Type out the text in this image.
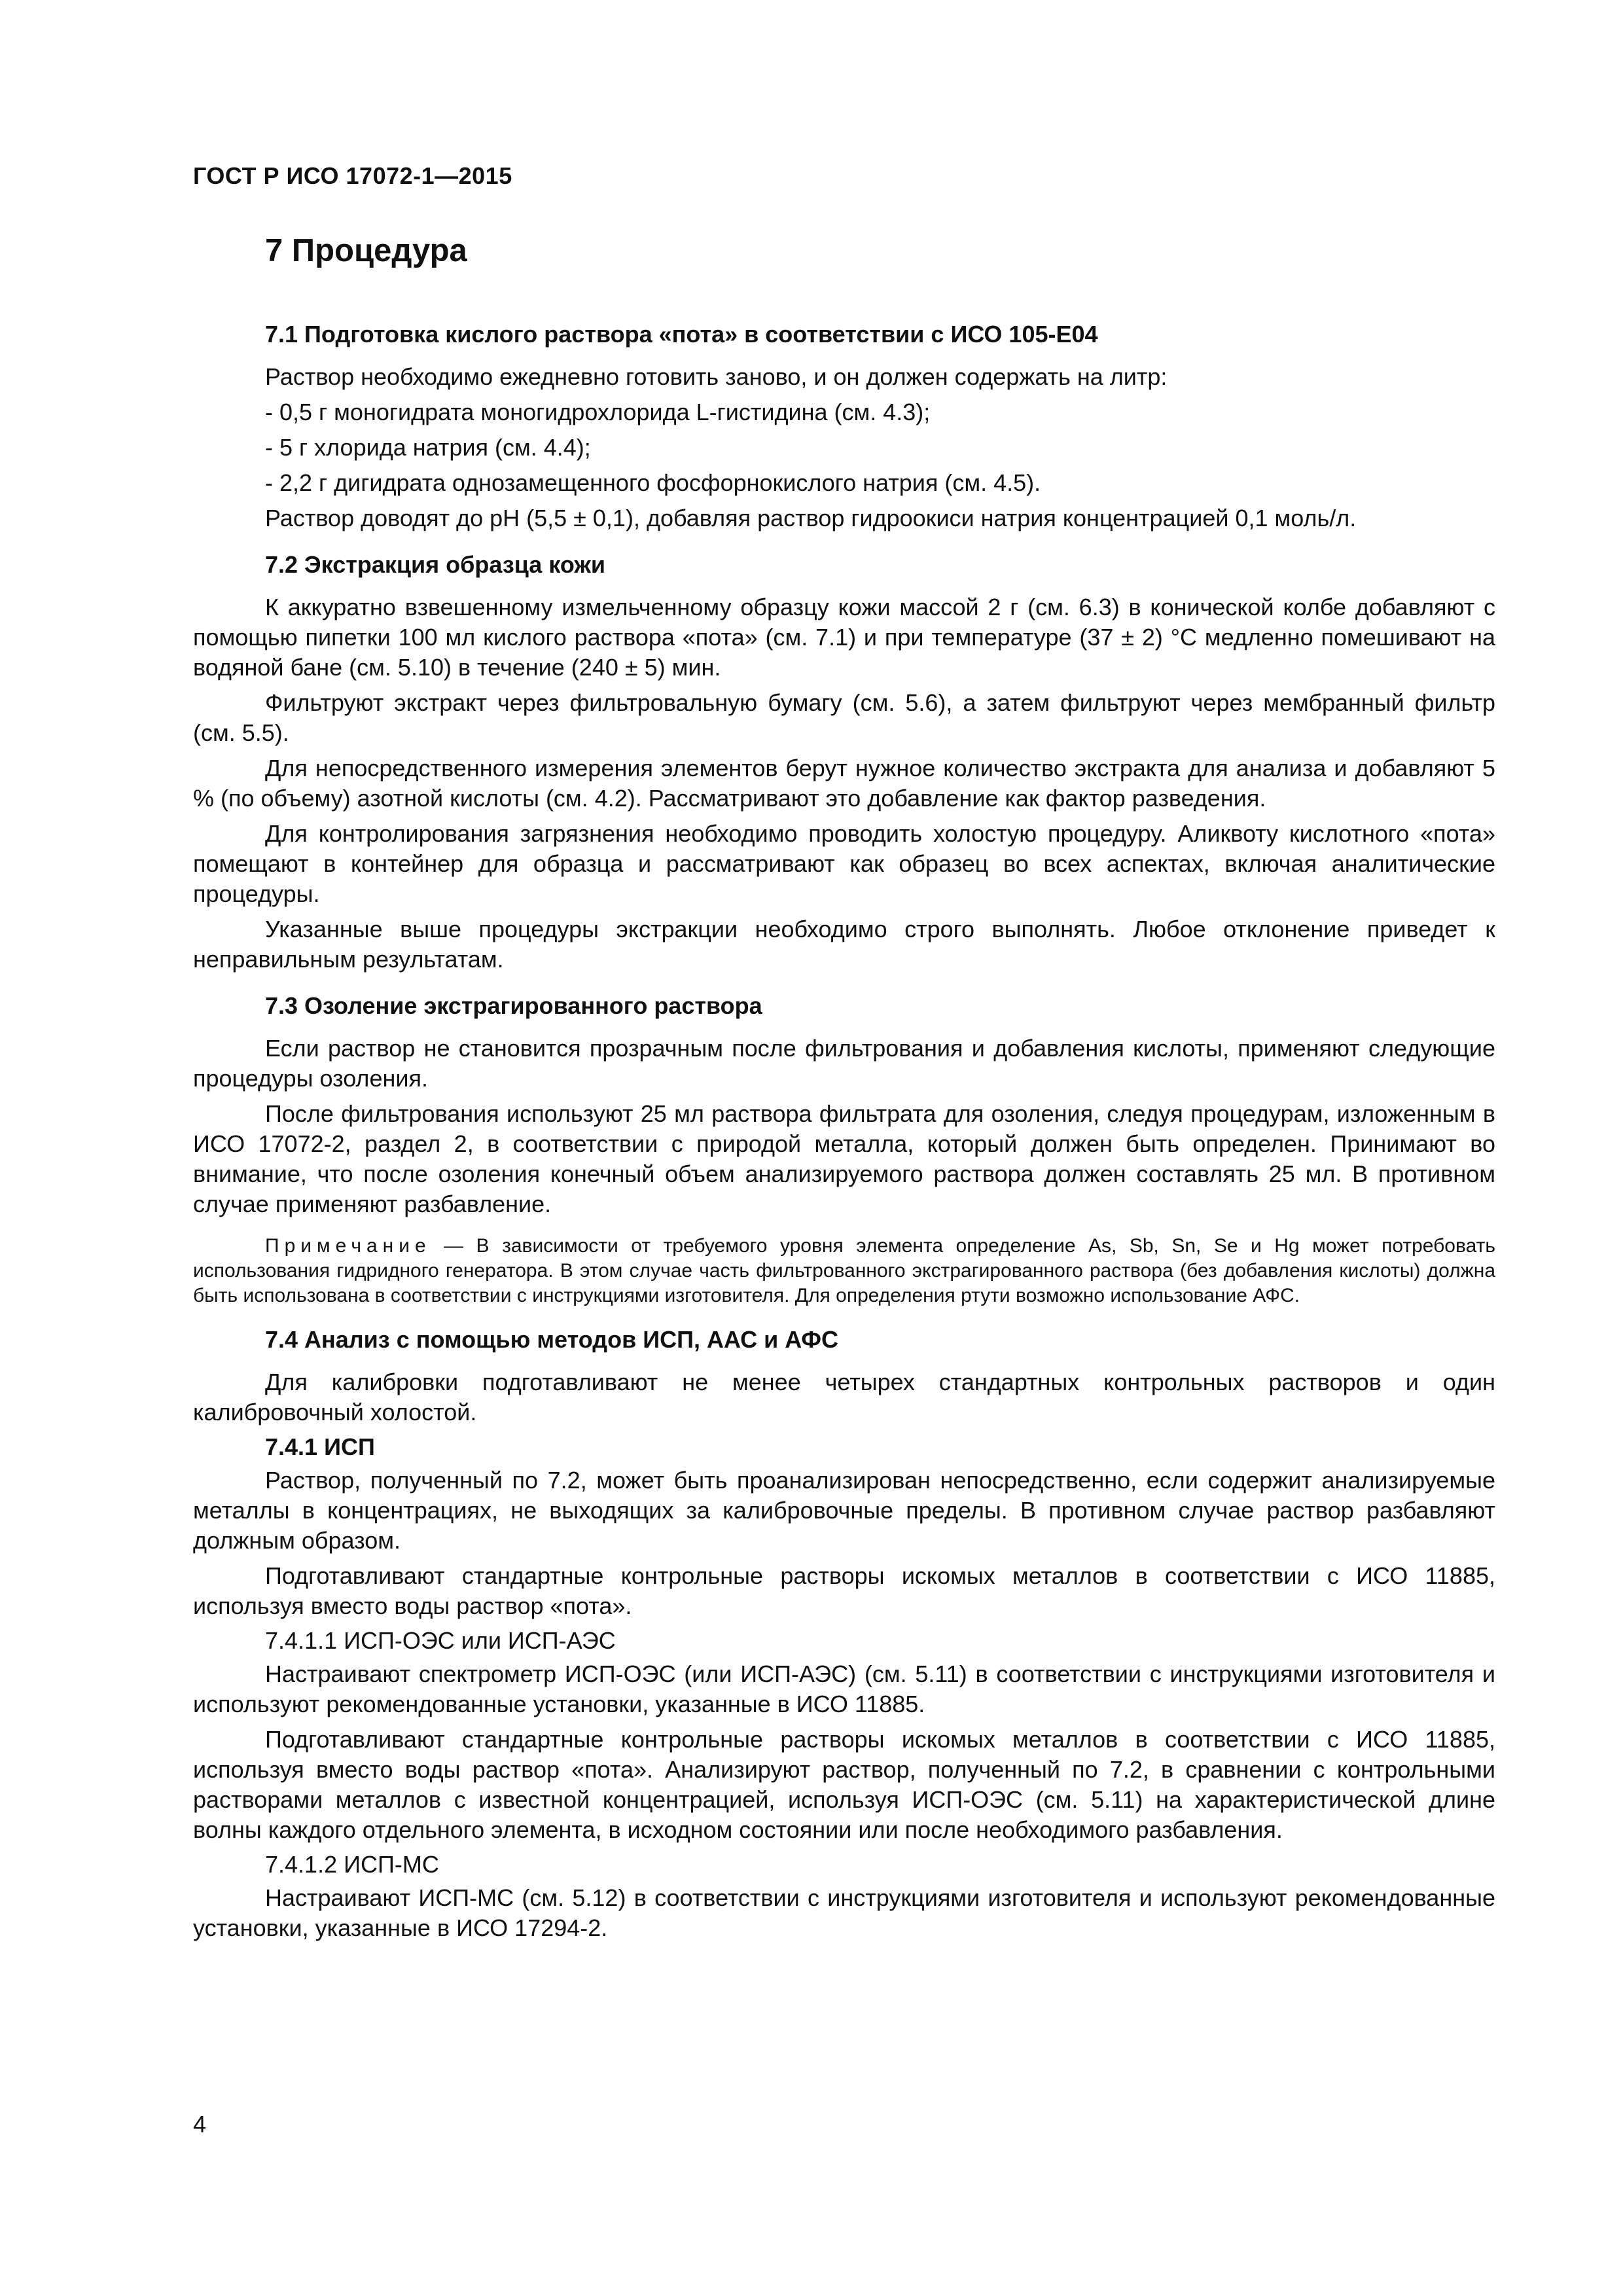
ГОСТ Р ИСО 17072-1—2015
7 Процедура
7.1 Подготовка кислого раствора «пота» в соответствии с ИСО 105-Е04

Раствор необходимо ежедневно готовить заново, и он должен содержать на литр:

- 0,5 г моногидрата моногидрохлорида L-гистидина (см. 4.3);

- 5 г хлорида натрия (см. 4.4);

- 2,2 г дигидрата однозамещенного фосфорнокислого натрия (см. 4.5).

Раствор доводят до pH (5,5 ± 0,1), добавляя раствор гидроокиси натрия концентрацией 0,1 моль/л.

7.2 Экстракция образца кожи

К аккуратно взвешенному измельченному образцу кожи массой 2 г (см. 6.3) в конической колбе добавляют с помощью пипетки 100 мл кислого раствора «пота» (см. 7.1) и при температуре (37 ± 2) °С медленно помешивают на водяной бане (см. 5.10) в течение (240 ± 5) мин.

Фильтруют экстракт через фильтровальную бумагу (см. 5.6), а затем фильтруют через мембранный фильтр (см. 5.5).

Для непосредственного измерения элементов берут нужное количество экстракта для анализа и добавляют 5 % (по объему) азотной кислоты (см. 4.2). Рассматривают это добавление как фактор разведения.

Для контролирования загрязнения необходимо проводить холостую процедуру. Аликвоту кислотного «пота» помещают в контейнер для образца и рассматривают как образец во всех аспектах, включая аналитические процедуры.

Указанные выше процедуры экстракции необходимо строго выполнять. Любое отклонение приведет к неправильным результатам.

7.3 Озоление экстрагированного раствора

Если раствор не становится прозрачным после фильтрования и добавления кислоты, применяют следующие процедуры озоления.

После фильтрования используют 25 мл раствора фильтрата для озоления, следуя процедурам, изложенным в ИСО 17072-2, раздел 2, в соответствии с природой металла, который должен быть определен. Принимают во внимание, что после озоления конечный объем анализируемого раствора должен составлять 25 мл. В противном случае применяют разбавление.

Примечание — В зависимости от требуемого уровня элемента определение As, Sb, Sn, Se и Hg может потребовать использования гидридного генератора. В этом случае часть фильтрованного экстрагированного раствора (без добавления кислоты) должна быть использована в соответствии с инструкциями изготовителя. Для определения ртути возможно использование АФС.
7.4 Анализ с помощью методов ИСП, ААС и АФС

Для калибровки подготавливают не менее четырех стандартных контрольных растворов и один калибровочный холостой.

7.4.1 ИСП

Раствор, полученный по 7.2, может быть проанализирован непосредственно, если содержит анализируемые металлы в концентрациях, не выходящих за калибровочные пределы. В противном случае раствор разбавляют должным образом.

Подготавливают стандартные контрольные растворы искомых металлов в соответствии с ИСО 11885, используя вместо воды раствор «пота».

7.4.1.1 ИСП-ОЭС или ИСП-АЭС

Настраивают спектрометр ИСП-ОЭС (или ИСП-АЭС) (см. 5.11) в соответствии с инструкциями изготовителя и используют рекомендованные установки, указанные в ИСО 11885.

Подготавливают стандартные контрольные растворы искомых металлов в соответствии с ИСО 11885, используя вместо воды раствор «пота». Анализируют раствор, полученный по 7.2, в сравнении с контрольными растворами металлов с известной концентрацией, используя ИСП-ОЭС (см. 5.11) на характеристической длине волны каждого отдельного элемента, в исходном состоянии или после необходимого разбавления.

7.4.1.2 ИСП-МС

Настраивают ИСП-МС (см. 5.12) в соответствии с инструкциями изготовителя и используют рекомендованные установки, указанные в ИСО 17294-2.

4
